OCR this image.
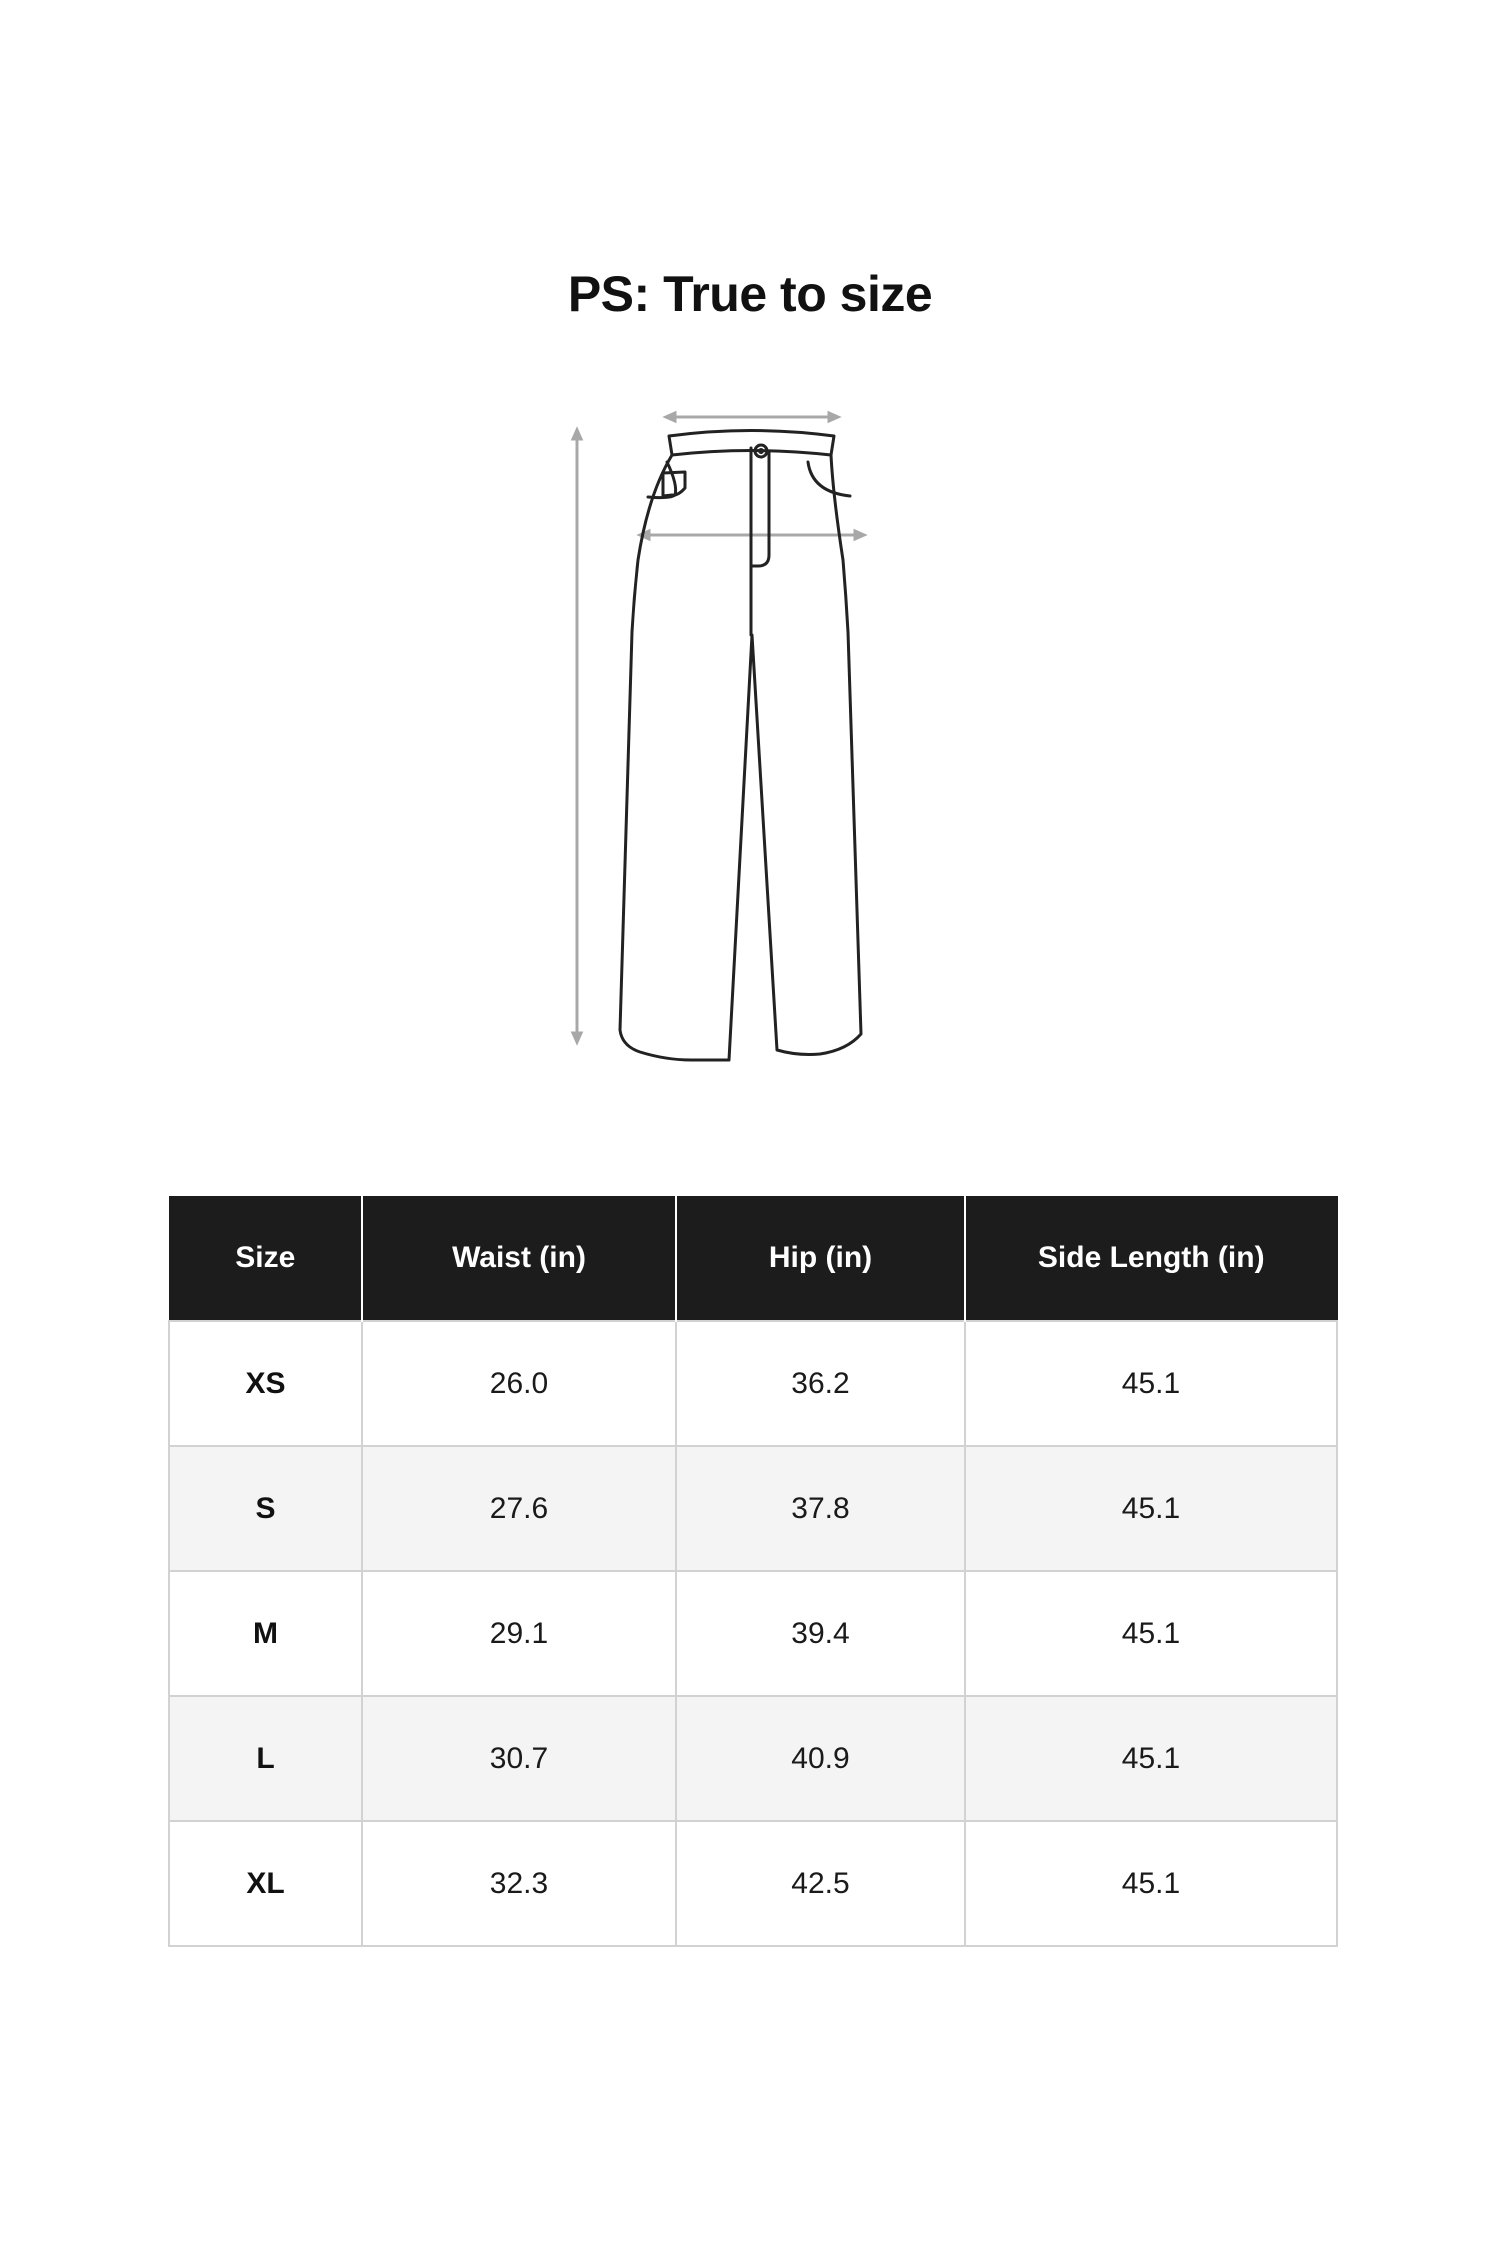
PS: True to size
Size	Waist (in)	Hip (in)	Side Length (in)
XS	26.0	36.2	45.1
S	27.6	37.8	45.1
M	29.1	39.4	45.1
L	30.7	40.9	45.1
XL	32.3	42.5	45.1
